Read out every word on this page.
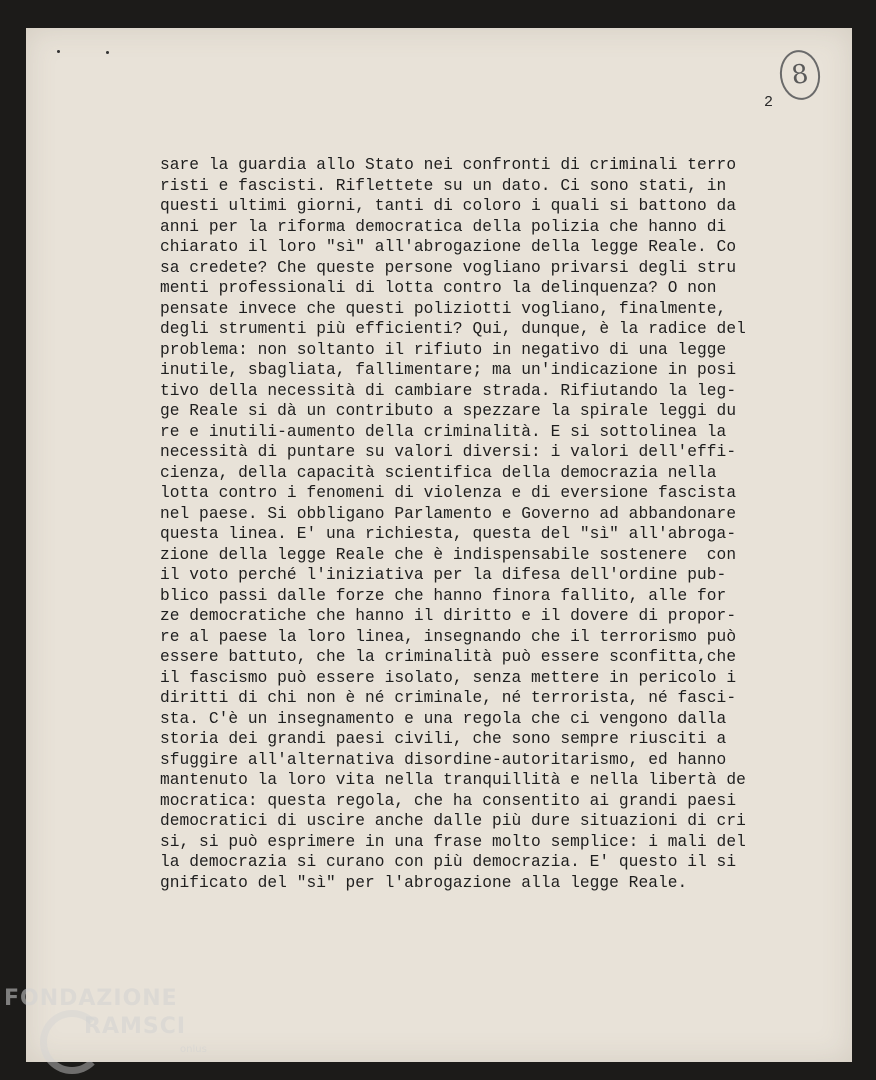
8
2
sare la guardia allo Stato nei confronti di criminali terro
risti e fascisti. Riflettete su un dato. Ci sono stati, in
questi ultimi giorni, tanti di coloro i quali si battono da
anni per la riforma democratica della polizia che hanno di
chiarato il loro "sì" all'abrogazione della legge Reale. Co
sa credete? Che queste persone vogliano privarsi degli stru
menti professionali di lotta contro la delinquenza? O non
pensate invece che questi poliziotti vogliano, finalmente,
degli strumenti più efficienti? Qui, dunque, è la radice del
problema: non soltanto il rifiuto in negativo di una legge
inutile, sbagliata, fallimentare; ma un'indicazione in posi
tivo della necessità di cambiare strada. Rifiutando la leg-
ge Reale si dà un contributo a spezzare la spirale leggi du
re e inutili-aumento della criminalità. E si sottolinea la
necessità di puntare su valori diversi: i valori dell'effi-
cienza, della capacità scientifica della democrazia nella
lotta contro i fenomeni di violenza e di eversione fascista
nel paese. Si obbligano Parlamento e Governo ad abbandonare
questa linea. E' una richiesta, questa del "sì" all'abroga-
zione della legge Reale che è indispensabile sostenere  con
il voto perché l'iniziativa per la difesa dell'ordine pub-
blico passi dalle forze che hanno finora fallito, alle for
ze democratiche che hanno il diritto e il dovere di propor-
re al paese la loro linea, insegnando che il terrorismo può
essere battuto, che la criminalità può essere sconfitta,che
il fascismo può essere isolato, senza mettere in pericolo i
diritti di chi non è né criminale, né terrorista, né fasci-
sta. C'è un insegnamento e una regola che ci vengono dalla
storia dei grandi paesi civili, che sono sempre riusciti a
sfuggire all'alternativa disordine-autoritarismo, ed hanno
mantenuto la loro vita nella tranquillità e nella libertà de
mocratica: questa regola, che ha consentito ai grandi paesi
democratici di uscire anche dalle più dure situazioni di cri
si, si può esprimere in una frase molto semplice: i mali del
la democrazia si curano con più democrazia. E' questo il si
gnificato del "sì" per l'abrogazione alla legge Reale.
FONDAZIONE
RAMSCI
onlus
